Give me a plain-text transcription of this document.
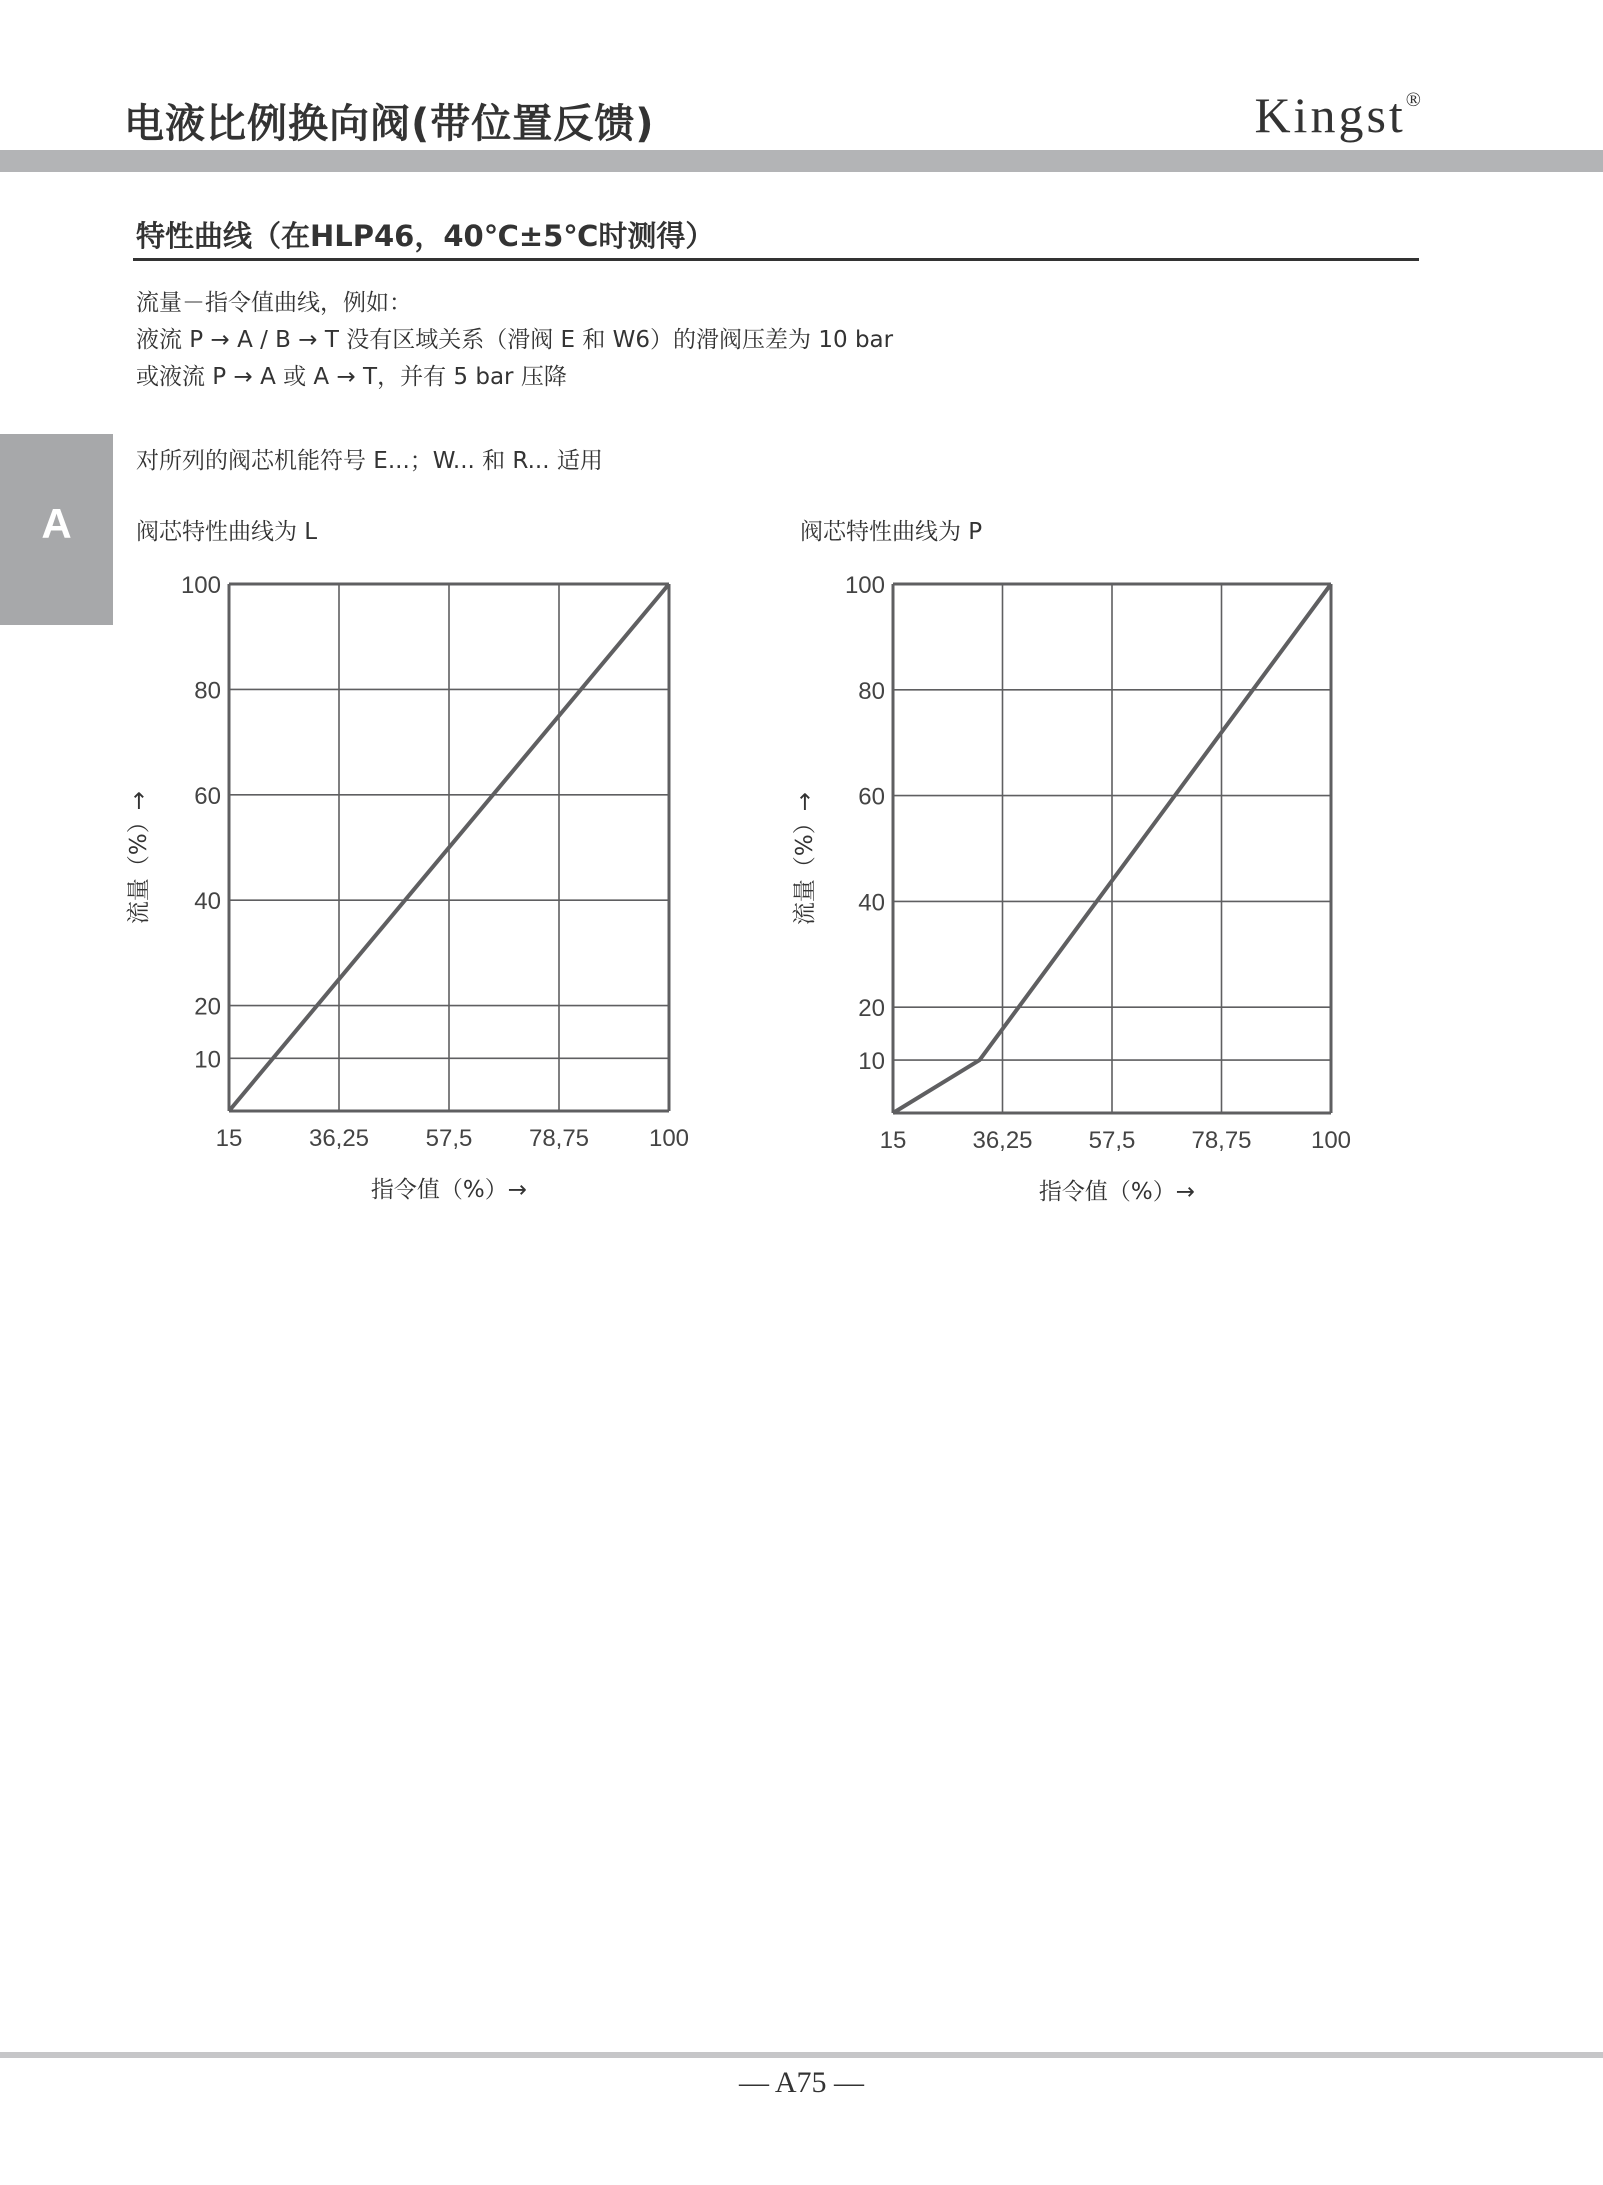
电液比例换向阀(带位置反馈)	Kingst®
特性曲线（在HLP46，40℃±5℃时测得）
流量－指令值曲线，例如：
液流 P → A / B → T 没有区域关系（滑阀 E 和 W6）的滑阀压差为 10 bar
或液流 P → A 或 A → T，并有 5 bar 压降
对所列的阀芯机能符号 E...；W... 和 R... 适用
A	阀芯特性曲线为 L
10
20
40
60
80
100
15	36,25 57,5 78,75 100
指令值（%）→
流量（%）→
阀芯特性曲线为 P
10
20
40
60
80
100
15	36,25 57,5 78,75 100
指令值（%）→
流量（%）→
— A75 —
